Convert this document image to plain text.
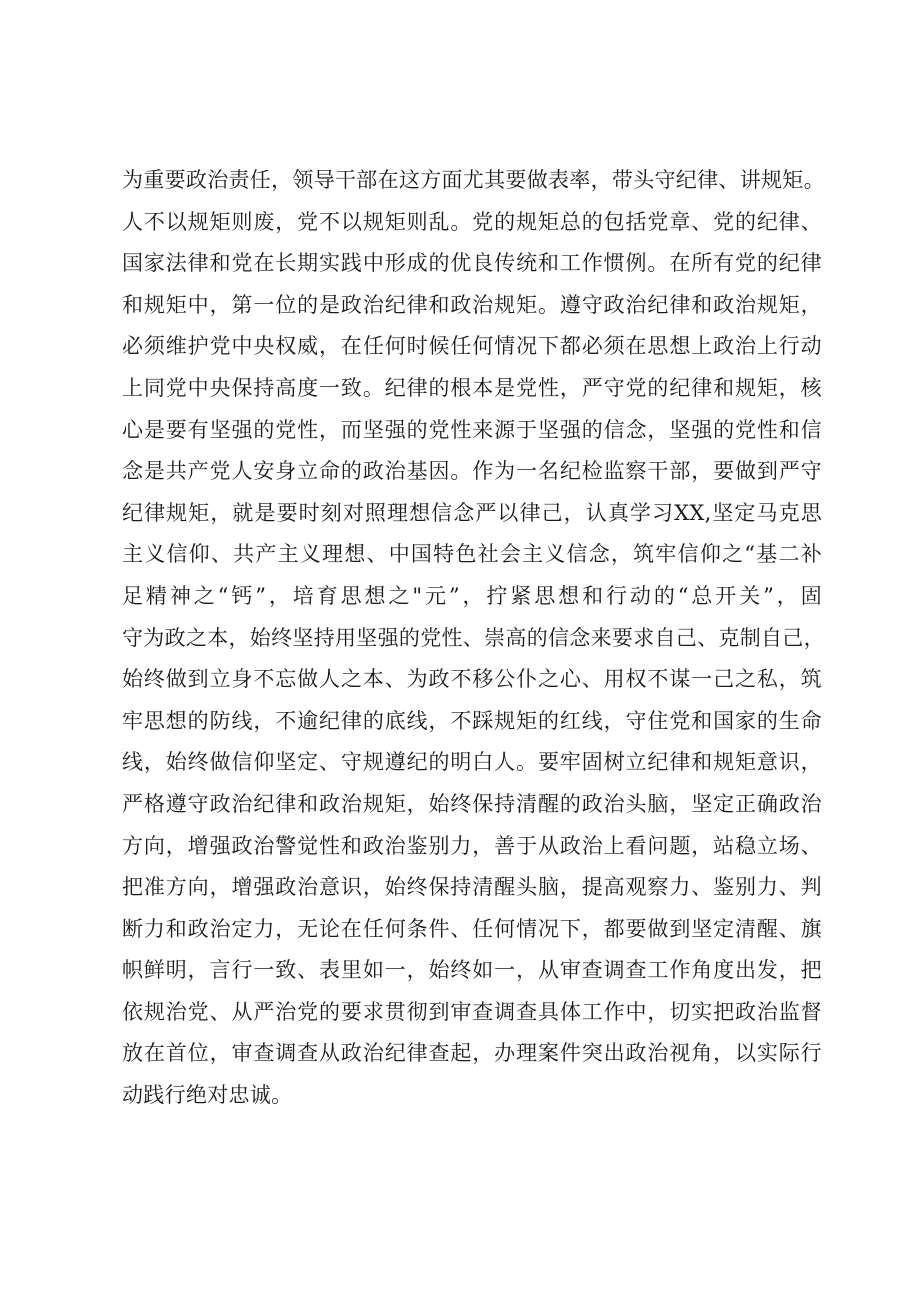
为重要政治责任，领导干部在这方面尤其要做表率，带头守纪律、讲规矩。
人不以规矩则废，党不以规矩则乱。党的规矩总的包括党章、党的纪律、
国家法律和党在长期实践中形成的优良传统和工作惯例。在所有党的纪律
和规矩中，第一位的是政治纪律和政治规矩。遵守政治纪律和政治规矩，
必须维护党中央权威，在任何时候任何情况下都必须在思想上政治上行动
上同党中央保持高度一致。纪律的根本是党性，严守党的纪律和规矩，核
心是要有坚强的党性，而坚强的党性来源于坚强的信念，坚强的党性和信
念是共产党人安身立命的政治基因。作为一名纪检监察干部，要做到严守
纪律规矩，就是要时刻对照理想信念严以律己，认真学习XX,坚定马克思
主义信仰、共产主义理想、中国特色社会主义信念，筑牢信仰之“基二补
足精神之“钙”，培育思想之"元”，拧紧思想和行动的“总开关”，固
守为政之本，始终坚持用坚强的党性、崇高的信念来要求自己、克制自己，
始终做到立身不忘做人之本、为政不移公仆之心、用权不谋一己之私，筑
牢思想的防线，不逾纪律的底线，不踩规矩的红线，守住党和国家的生命
线，始终做信仰坚定、守规遵纪的明白人。要牢固树立纪律和规矩意识，
严格遵守政治纪律和政治规矩，始终保持清醒的政治头脑，坚定正确政治
方向，增强政治警觉性和政治鉴别力，善于从政治上看问题，站稳立场、
把准方向，增强政治意识，始终保持清醒头脑，提高观察力、鉴别力、判
断力和政治定力，无论在任何条件、任何情况下，都要做到坚定清醒、旗
帜鲜明，言行一致、表里如一，始终如一，从审查调查工作角度出发，把
依规治党、从严治党的要求贯彻到审查调查具体工作中，切实把政治监督
放在首位，审查调查从政治纪律查起，办理案件突出政治视角，以实际行
动践行绝对忠诚。
